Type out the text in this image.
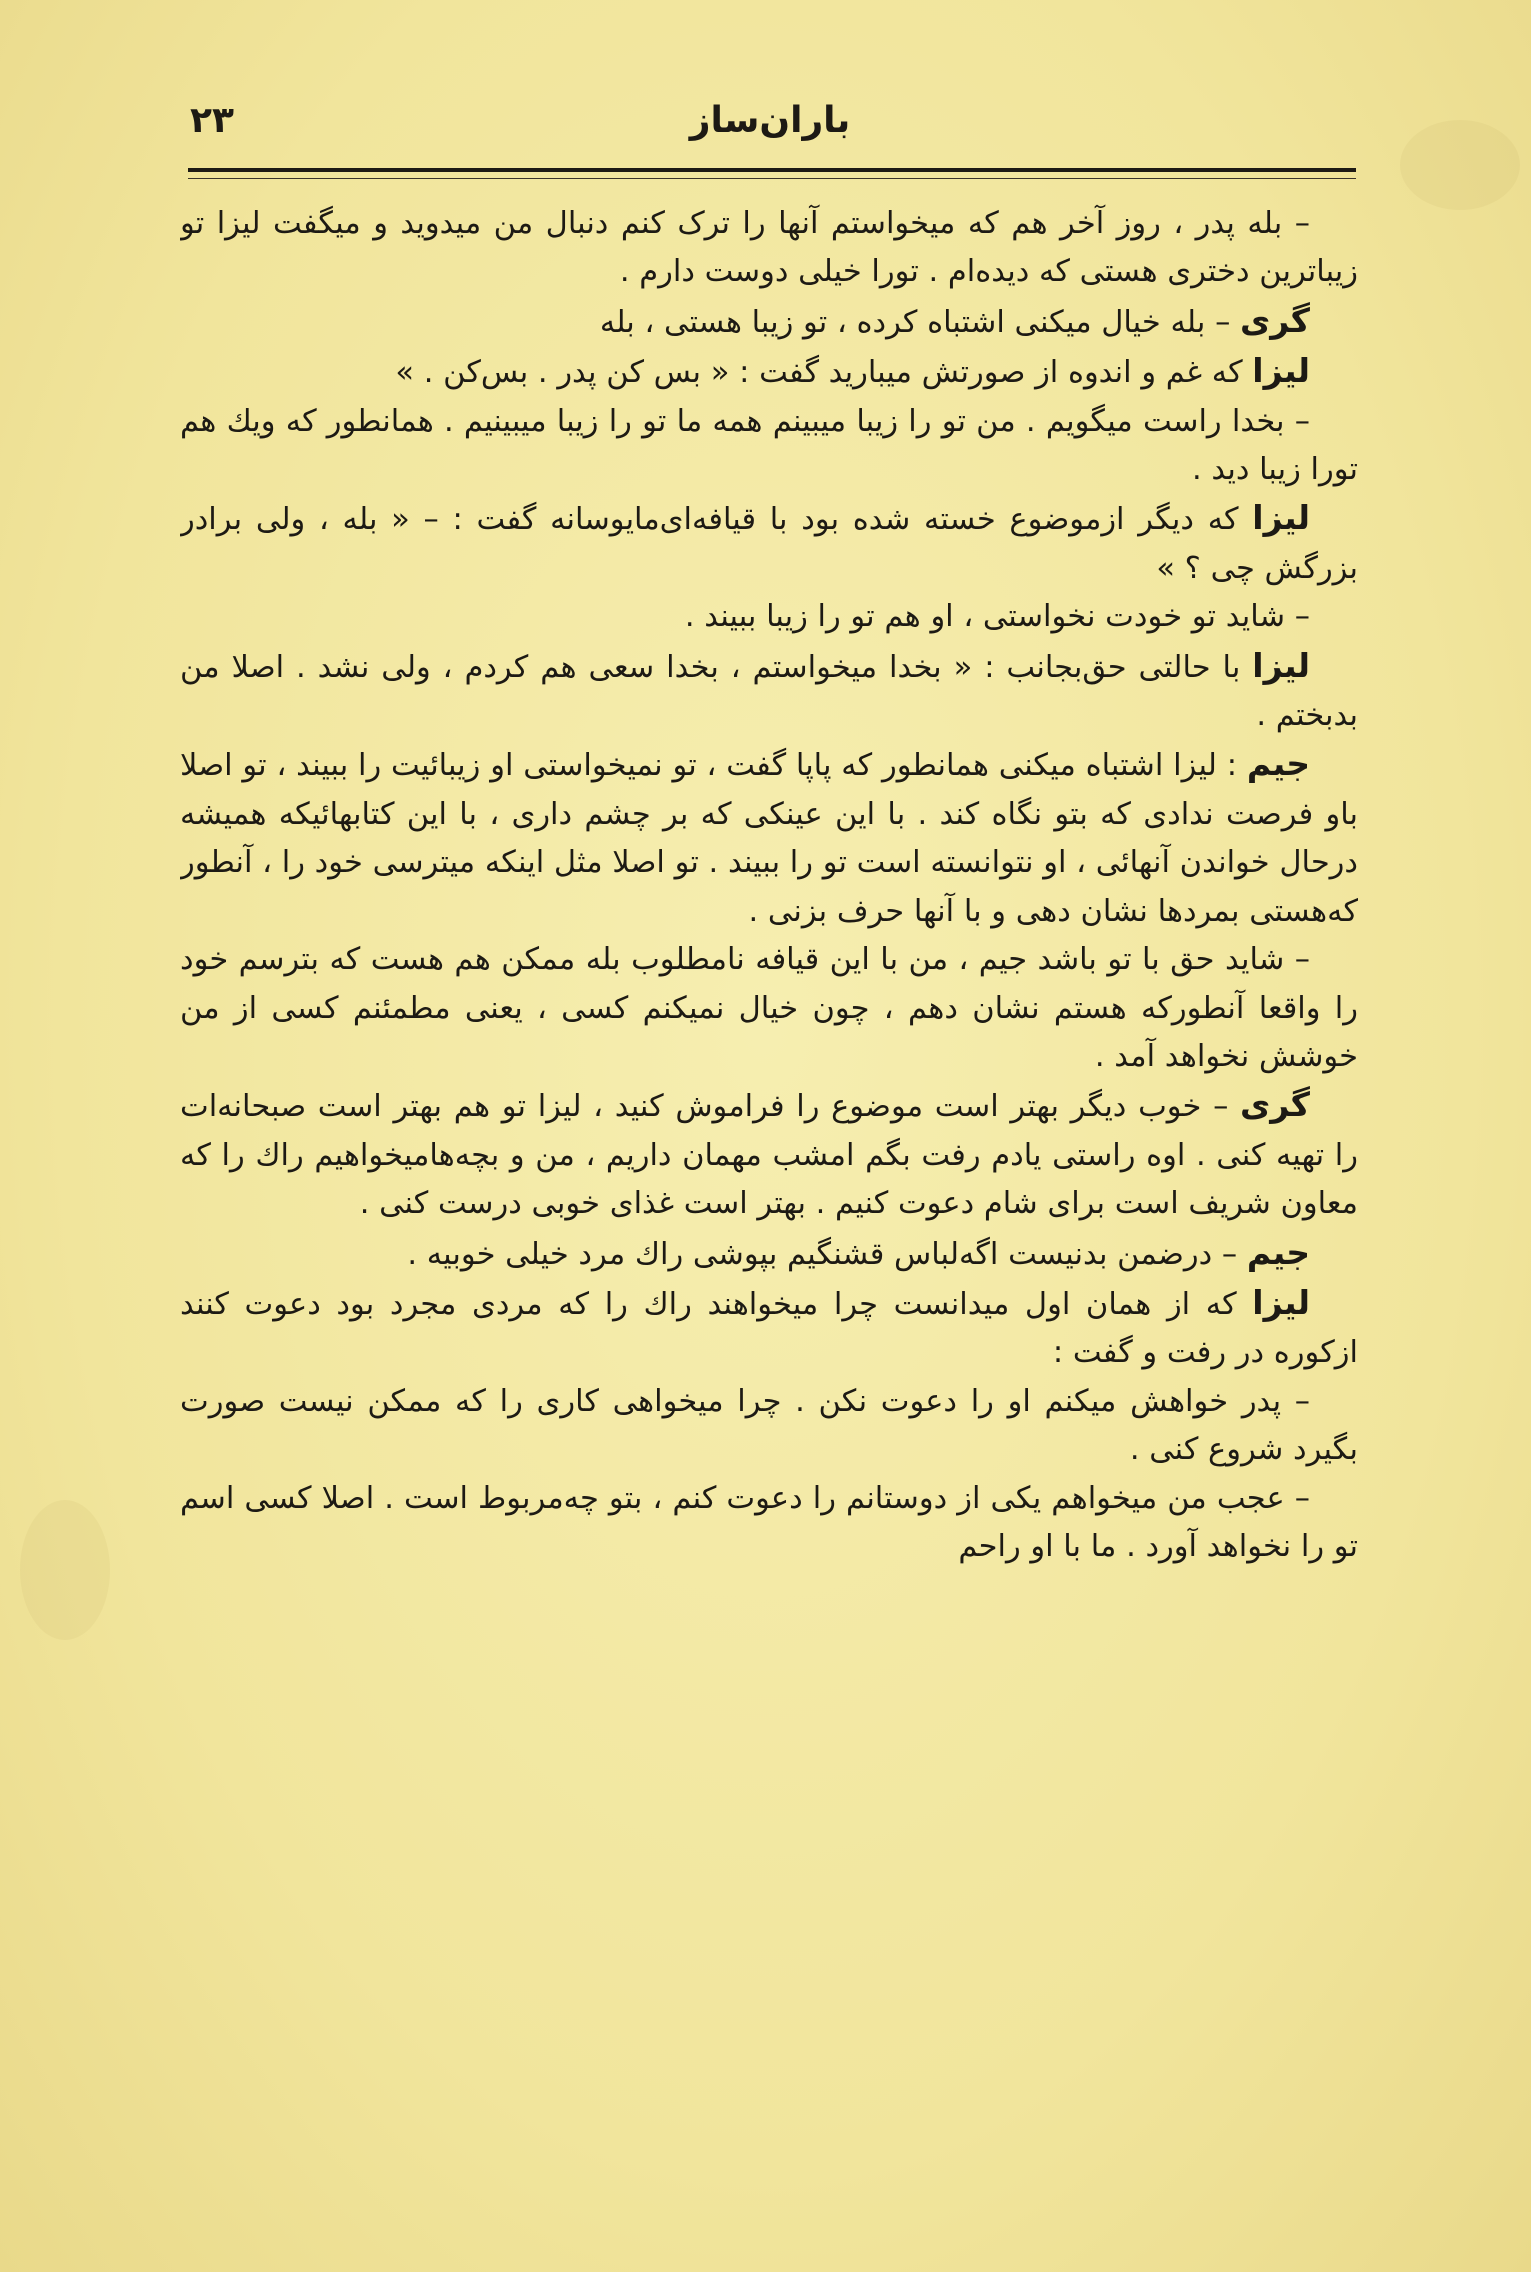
باران‌ساز
۲۳

– بله پدر ، روز آخر هم که میخواستم آنها را ترک کنم دنبال من میدوید و میگفت لیزا تو زیباترین دختری هستی که دیده‌ام . تورا خیلی دوست دارم .

گری – بله خیال میکنی اشتباه کرده ، تو زیبا هستی ، بله

لیزا که غم و اندوه از صورتش میبارید گفت : « بس کن پدر . بس‌کن . »

– بخدا راست میگویم . من تو را زیبا میبینم همه ما تو را زیبا میبینیم . همانطور که ویك هم تورا زیبا دید .

لیزا که دیگر ازموضوع خسته شده بود با قیافه‌ای‌مایوسانه گفت : – « بله ، ولی برادر بزرگش چی ؟ »

– شاید تو خودت نخواستی ، او هم تو را زیبا ببیند .

لیزا با حالتی حق‌بجانب : « بخدا میخواستم ، بخدا سعی هم کردم ، ولی نشد . اصلا من بدبختم .

جیم : لیزا اشتباه میکنی همانطور که پاپا گفت ، تو نمیخواستی او زیبائیت را ببیند ، تو اصلا باو فرصت ندادی که بتو نگاه کند . با این عینکی که بر چشم داری ، با این کتابهائیکه همیشه درحال خواندن آنهائی ، او نتوانسته است تو را ببیند . تو اصلا مثل اینکه میترسی خود را ، آنطور که‌هستی بمردها نشان دهی و با آنها حرف بزنی .

– شاید حق با تو باشد جیم ، من با این قیافه نامطلوب بله ممکن هم هست که بترسم خود را واقعا آنطورکه هستم نشان دهم ، چون خیال نمیکنم کسی ، یعنی مطمئنم کسی از من خوشش نخواهد آمد .

گری – خوب دیگر بهتر است موضوع را فراموش کنید ، لیزا تو هم بهتر است صبحانه‌ات را تهیه کنی . اوه راستی یادم رفت بگم امشب مهمان داریم ، من و بچه‌هامیخواهیم راك را که معاون شریف است برای شام دعوت کنیم . بهتر است غذای خوبی درست کنی .

جیم – درضمن بدنیست اگه‌لباس قشنگیم بپوشی راك مرد خیلی خوبیه .

لیزا که از همان اول میدانست چرا میخواهند راك را که مردی مجرد بود دعوت کنند ازکوره در رفت و گفت :

– پدر خواهش میکنم او را دعوت نکن . چرا میخواهی کاری را که ممکن نیست صورت بگیرد شروع کنی .

– عجب من میخواهم یکی از دوستانم را دعوت کنم ، بتو چه‌مربوط است . اصلا کسی اسم تو را نخواهد آورد . ما با او راحم
